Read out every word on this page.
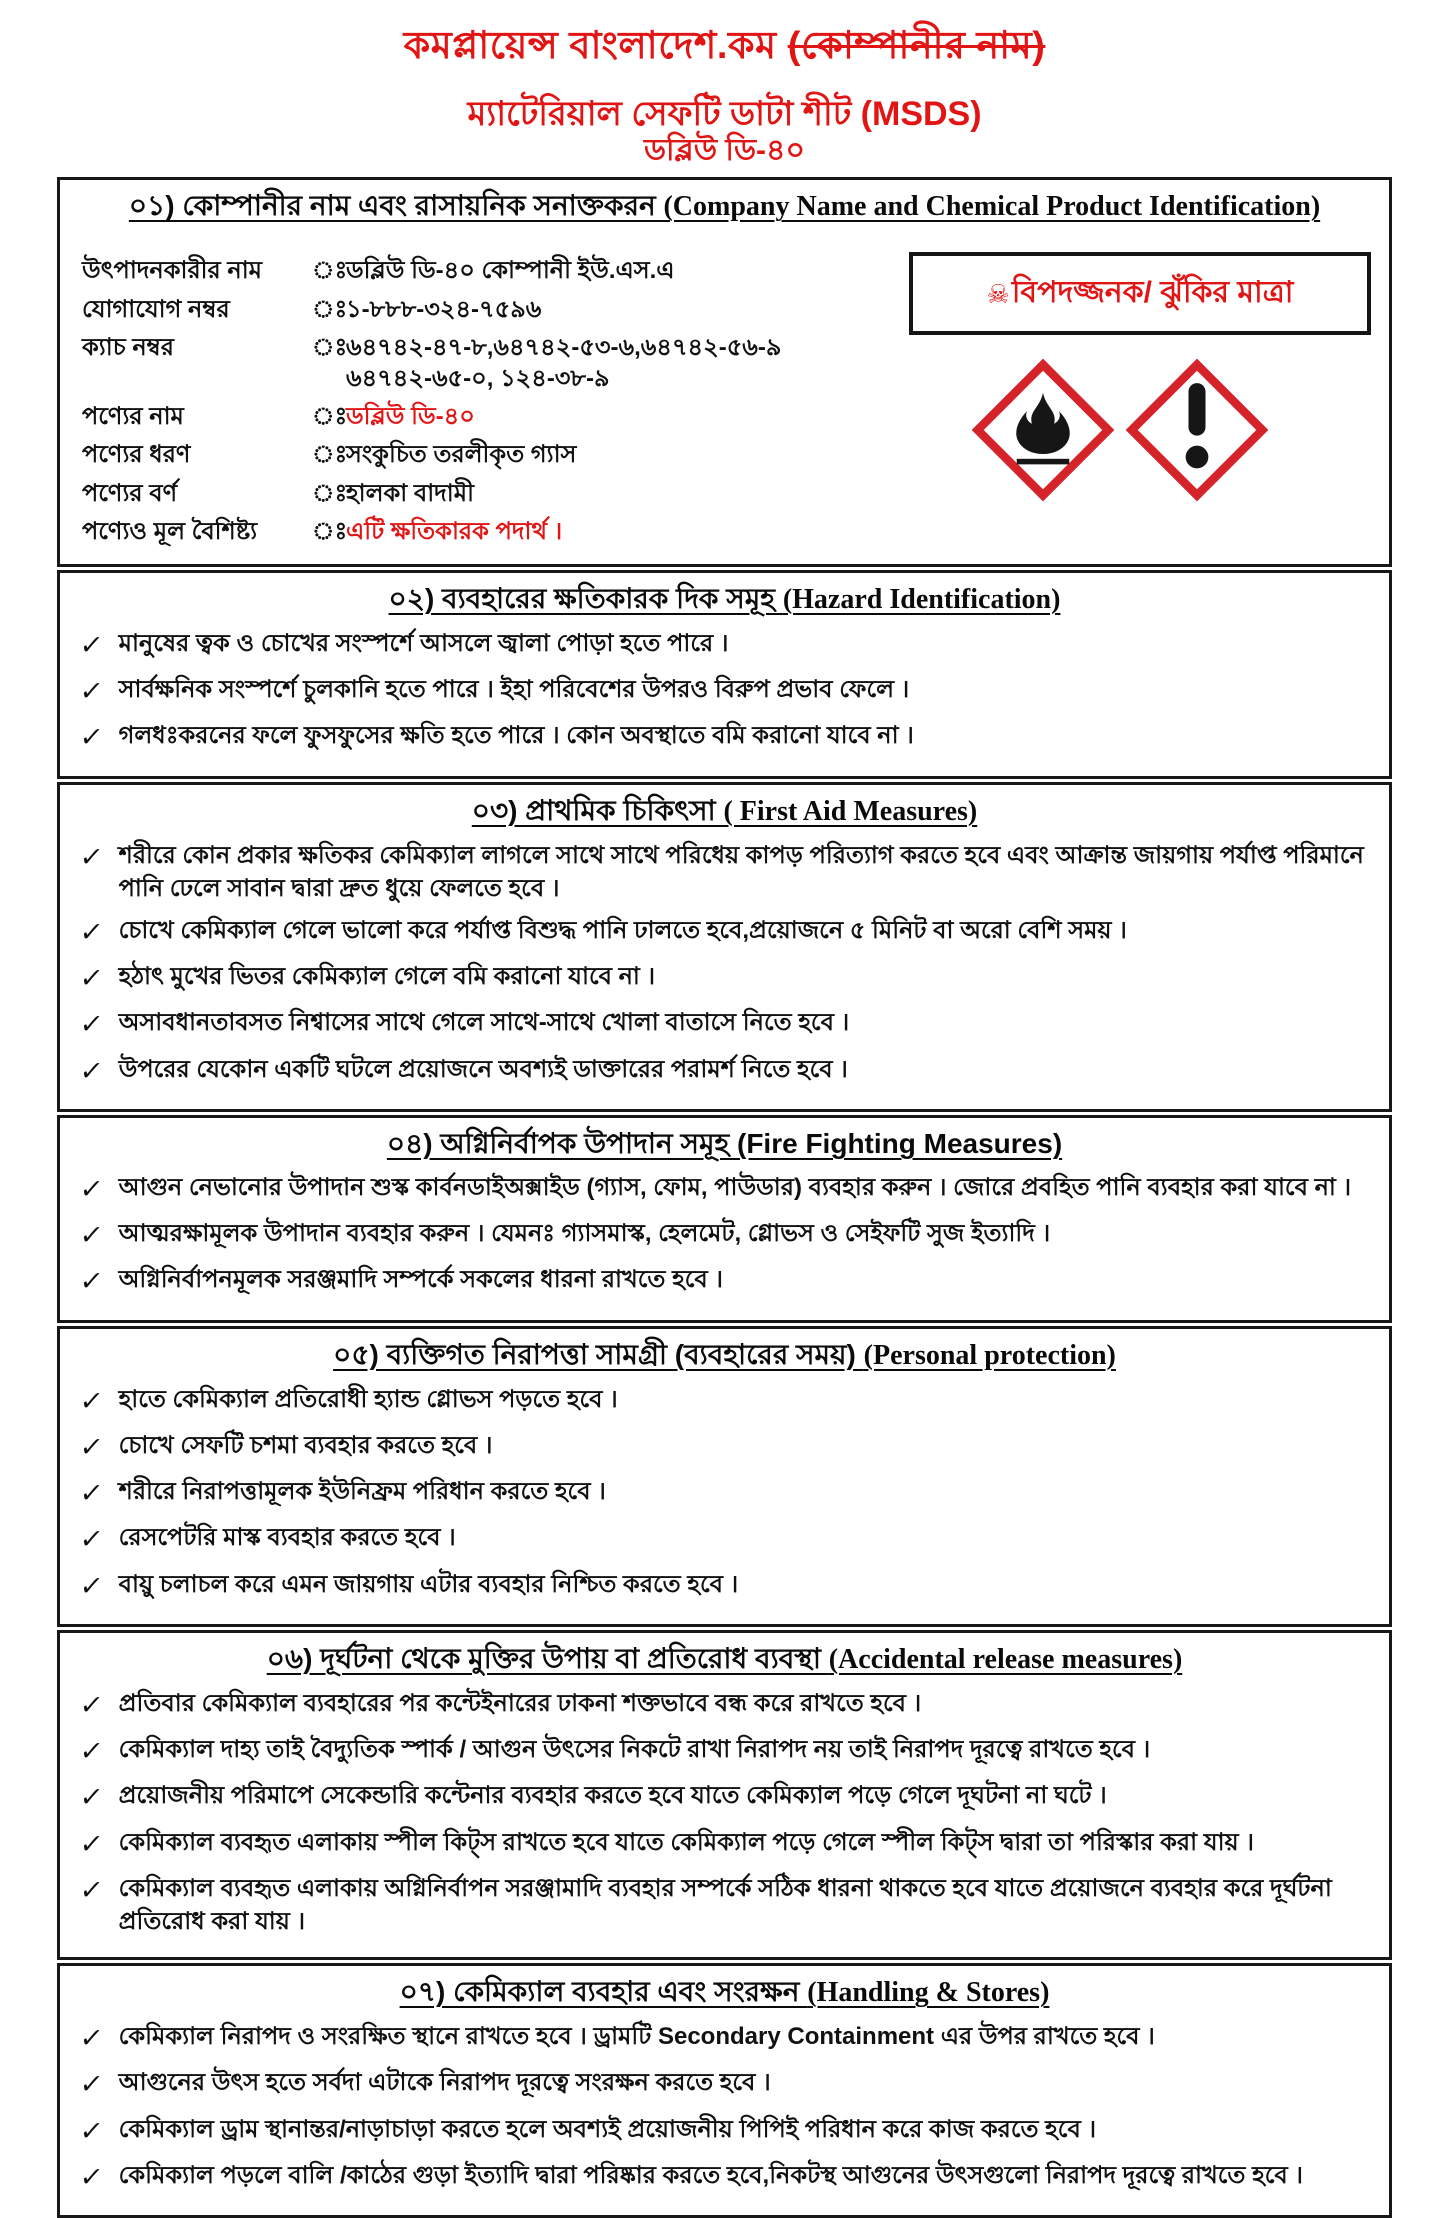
কমপ্লায়েন্স বাংলাদেশ.কম (কোম্পানীর নাম)
ম্যাটেরিয়াল সেফটি ডাটা শীট (MSDS)
ডব্লিউ ডি-৪০
০১) কোম্পানীর নাম এবং রাসায়নিক সনাক্তকরন (Company Name and Chemical Product Identification)
উৎপাদনকারীর নাম	ঃ
ডব্লিউ ডি-৪০ কোম্পানী ইউ.এস.এ
যোগাযোগ নম্বর	ঃ
১-৮৮৮-৩২৪-৭৫৯৬
ক্যাচ নম্বর	ঃ
৬৪৭৪২-৪৭-৮,৬৪৭৪২-৫৩-৬,৬৪৭৪২-৫৬-৯
৬৪৭৪২-৬৫-০, ১২৪-৩৮-৯
পণ্যের নাম	ঃ
ডব্লিউ ডি-৪০
পণ্যের ধরণ	ঃ
সংকুচিত তরলীকৃত গ্যাস
পণ্যের বর্ণ	ঃ
হালকা বাদামী
পণ্যেও মূল বৈশিষ্ট্য	ঃ
এটি ক্ষতিকারক পদার্থ ।
☠বিপদজ্জনক/ ঝুঁকির মাত্রা
০২) ব্যবহারের ক্ষতিকারক দিক সমূহ (Hazard Identification)
✓ মানুষের ত্বক ও চোখের সংস্পর্শে আসলে জ্বালা পোড়া হতে পারে ।
✓ সার্বক্ষনিক সংস্পর্শে চুলকানি হতে পারে । ইহা পরিবেশের উপরও বিরুপ প্রভাব ফেলে ।
✓ গলধঃকরনের ফলে ফুসফুসের ক্ষতি হতে পারে । কোন অবস্থাতে বমি করানো যাবে না ।
০৩) প্রাথমিক চিকিৎসা ( First Aid Measures)
✓ শরীরে কোন প্রকার ক্ষতিকর কেমিক্যাল লাগলে সাথে সাথে পরিধেয় কাপড় পরিত্যাগ করতে হবে এবং আক্রান্ত জায়গায় পর্যাপ্ত পরিমানে পানি ঢেলে সাবান দ্বারা দ্রুত ধুয়ে ফেলতে হবে ।
✓ চোখে কেমিক্যাল গেলে ভালো করে পর্যাপ্ত বিশুদ্ধ পানি ঢালতে হবে,প্রয়োজনে ৫ মিনিট বা অরো বেশি সময় ।
✓ হঠাৎ মুখের ভিতর কেমিক্যাল গেলে বমি করানো যাবে না ।
✓ অসাবধানতাবসত নিশ্বাসের সাথে গেলে সাথে-সাথে খোলা বাতাসে নিতে হবে ।
✓ উপরের যেকোন একটি ঘটলে প্রয়োজনে অবশ্যই ডাক্তারের পরামর্শ নিতে হবে ।
০৪) অগ্নিনির্বাপক উপাদান সমূহ (Fire Fighting Measures)
✓ আগুন নেভানোর উপাদান শুস্ক কার্বনডাইঅক্সাইড (গ্যাস, ফোম, পাউডার) ব্যবহার করুন । জোরে প্রবহিত পানি ব্যবহার করা যাবে না ।
✓ আত্মরক্ষামূলক উপাদান ব্যবহার করুন । যেমনঃ গ্যাসমাস্ক, হেলমেট, গ্লোভস ও সেইফটি সুজ ইত্যাদি ।
✓ অগ্নিনির্বাপনমূলক সরঞ্জমাদি সম্পর্কে সকলের ধারনা রাখতে হবে ।
০৫) ব্যক্তিগত নিরাপত্তা সামগ্রী (ব্যবহারের সময়) (Personal protection)
✓ হাতে কেমিক্যাল প্রতিরোধী হ্যান্ড গ্লোভস পড়তে হবে ।
✓ চোখে সেফটি চশমা ব্যবহার করতে হবে ।
✓ শরীরে নিরাপত্তামূলক ইউনিফ্রম পরিধান করতে হবে ।
✓ রেসপেটরি মাস্ক ব্যবহার করতে হবে ।
✓ বায়ু চলাচল করে এমন জায়গায় এটার ব্যবহার নিশ্চিত করতে হবে ।
০৬) দূর্ঘটনা থেকে মুক্তির উপায় বা প্রতিরোধ ব্যবস্থা (Accidental release measures)
✓ প্রতিবার কেমিক্যাল ব্যবহারের পর কন্টেইনারের ঢাকনা শক্তভাবে বন্ধ করে রাখতে হবে ।
✓ কেমিক্যাল দাহ্য তাই বৈদ্যুতিক স্পার্ক / আগুন উৎসের নিকটে রাখা নিরাপদ নয় তাই নিরাপদ দূরত্বে রাখতে হবে ।
✓ প্রয়োজনীয় পরিমাপে সেকেন্ডারি কন্টেনার ব্যবহার করতে হবে যাতে কেমিক্যাল পড়ে গেলে দূঘটনা না ঘটে ।
✓ কেমিক্যাল ব্যবহৃত এলাকায় স্পীল কিট্‌স রাখতে হবে যাতে কেমিক্যাল পড়ে গেলে স্পীল কিট্‌স দ্বারা তা পরিস্কার করা যায় ।
✓ কেমিক্যাল ব্যবহৃত এলাকায় অগ্নিনির্বাপন সরঞ্জামাদি ব্যবহার সম্পর্কে সঠিক ধারনা থাকতে হবে যাতে প্রয়োজনে ব্যবহার করে দূর্ঘটনা প্রতিরোধ করা যায় ।
০৭) কেমিক্যাল ব্যবহার এবং সংরক্ষন (Handling & Stores)
✓ কেমিক্যাল নিরাপদ ও সংরক্ষিত স্থানে রাখতে হবে । ড্রামটি Secondary Containment এর উপর রাখতে হবে ।
✓ আগুনের উৎস হতে সর্বদা এটাকে নিরাপদ দূরত্বে সংরক্ষন করতে হবে ।
✓ কেমিক্যাল ড্রাম স্থানান্তর/নাড়াচাড়া করতে হলে অবশ্যই প্রয়োজনীয় পিপিই পরিধান করে কাজ করতে হবে ।
✓ কেমিক্যাল পড়লে বালি /কাঠের গুড়া ইত্যাদি দ্বারা পরিষ্কার করতে হবে,নিকটস্থ আগুনের উৎসগুলো নিরাপদ দূরত্বে রাখতে হবে ।
